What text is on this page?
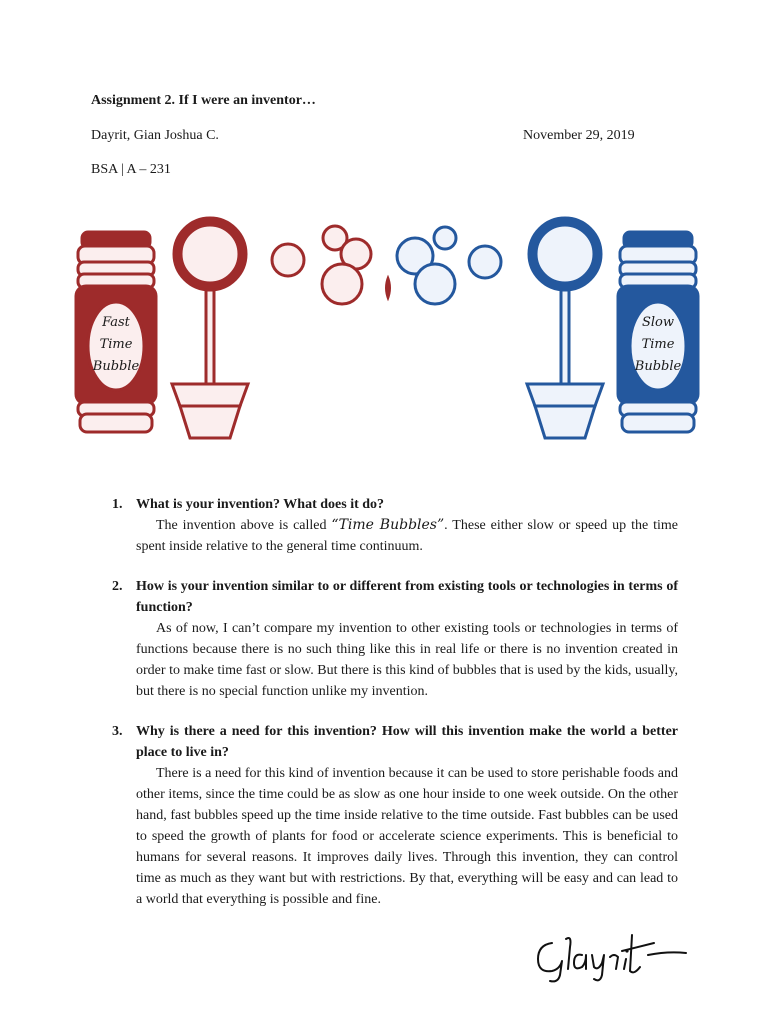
Assignment 2. If I were an inventor…
Dayrit, Gian Joshua C.	November 29, 2019
BSA | A – 231
Fast
Time
Bubble
Slow
Time
Bubble
1. What is your invention? What does it do?
The invention above is called “Time Bubbles”. These either slow or speed up the time spent inside relative to the general time continuum.
2. How is your invention similar to or different from existing tools or technologies in terms of function?
As of now, I can’t compare my invention to other existing tools or technologies in terms of functions because there is no such thing like this in real life or there is no invention created in order to make time fast or slow. But there is this kind of bubbles that is used by the kids, usually, but there is no special function unlike my invention.
3. Why is there a need for this invention? How will this invention make the world a better place to live in?
There is a need for this kind of invention because it can be used to store perishable foods and other items, since the time could be as slow as one hour inside to one week outside. On the other hand, fast bubbles speed up the time inside relative to the time outside. Fast bubbles can be used to speed the growth of plants for food or accelerate science experiments. This is beneficial to humans for several reasons. It improves daily lives. Through this invention, they can control time as much as they want but with restrictions. By that, everything will be easy and can lead to a world that everything is possible and fine.
